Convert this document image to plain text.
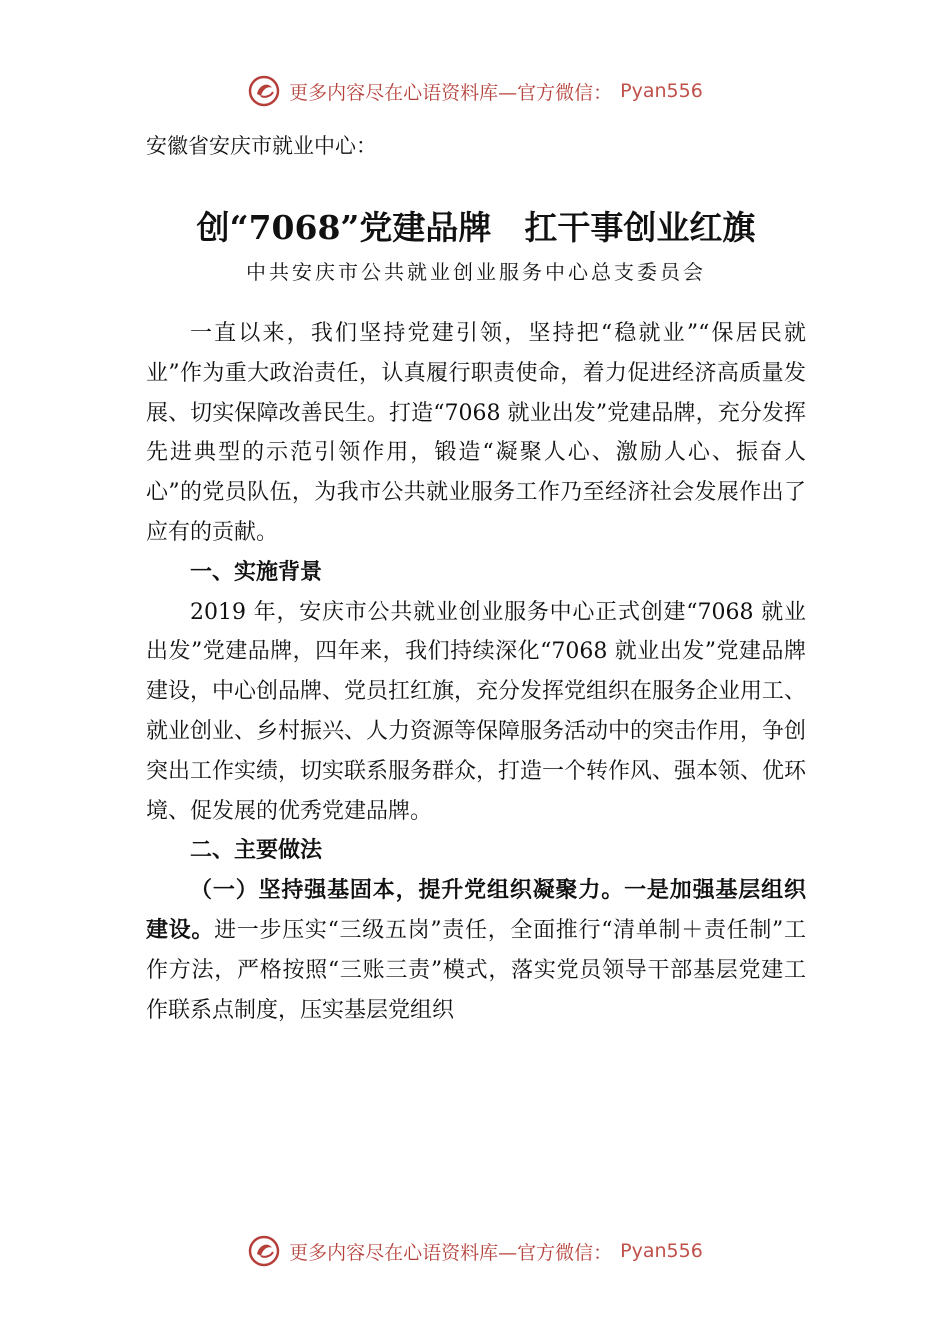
更多内容尽在心语资料库—官方微信： Pyan556

安徽省安庆市就业中心：

创“7068”党建品牌　扛干事创业红旗

中共安庆市公共就业创业服务中心总支委员会

一直以来，我们坚持党建引领，坚持把“稳就业”“保居民就业”作为重大政治责任，认真履行职责使命，着力促进经济高质量发展、切实保障改善民生。打造“7068 就业出发”党建品牌，充分发挥先进典型的示范引领作用，锻造“凝聚人心、激励人心、振奋人心”的党员队伍，为我市公共就业服务工作乃至经济社会发展作出了应有的贡献。

一、实施背景

2019 年，安庆市公共就业创业服务中心正式创建“7068 就业出发”党建品牌，四年来，我们持续深化“7068 就业出发”党建品牌建设，中心创品牌、党员扛红旗，充分发挥党组织在服务企业用工、就业创业、乡村振兴、人力资源等保障服务活动中的突击作用，争创突出工作实绩，切实联系服务群众，打造一个转作风、强本领、优环境、促发展的优秀党建品牌。

二、主要做法

（一）坚持强基固本，提升党组织凝聚力。一是加强基层组织建设。进一步压实“三级五岗”责任，全面推行“清单制＋责任制”工作方法，严格按照“三账三责”模式，落实党员领导干部基层党建工作联系点制度，压实基层党组织

更多内容尽在心语资料库—官方微信： Pyan556
